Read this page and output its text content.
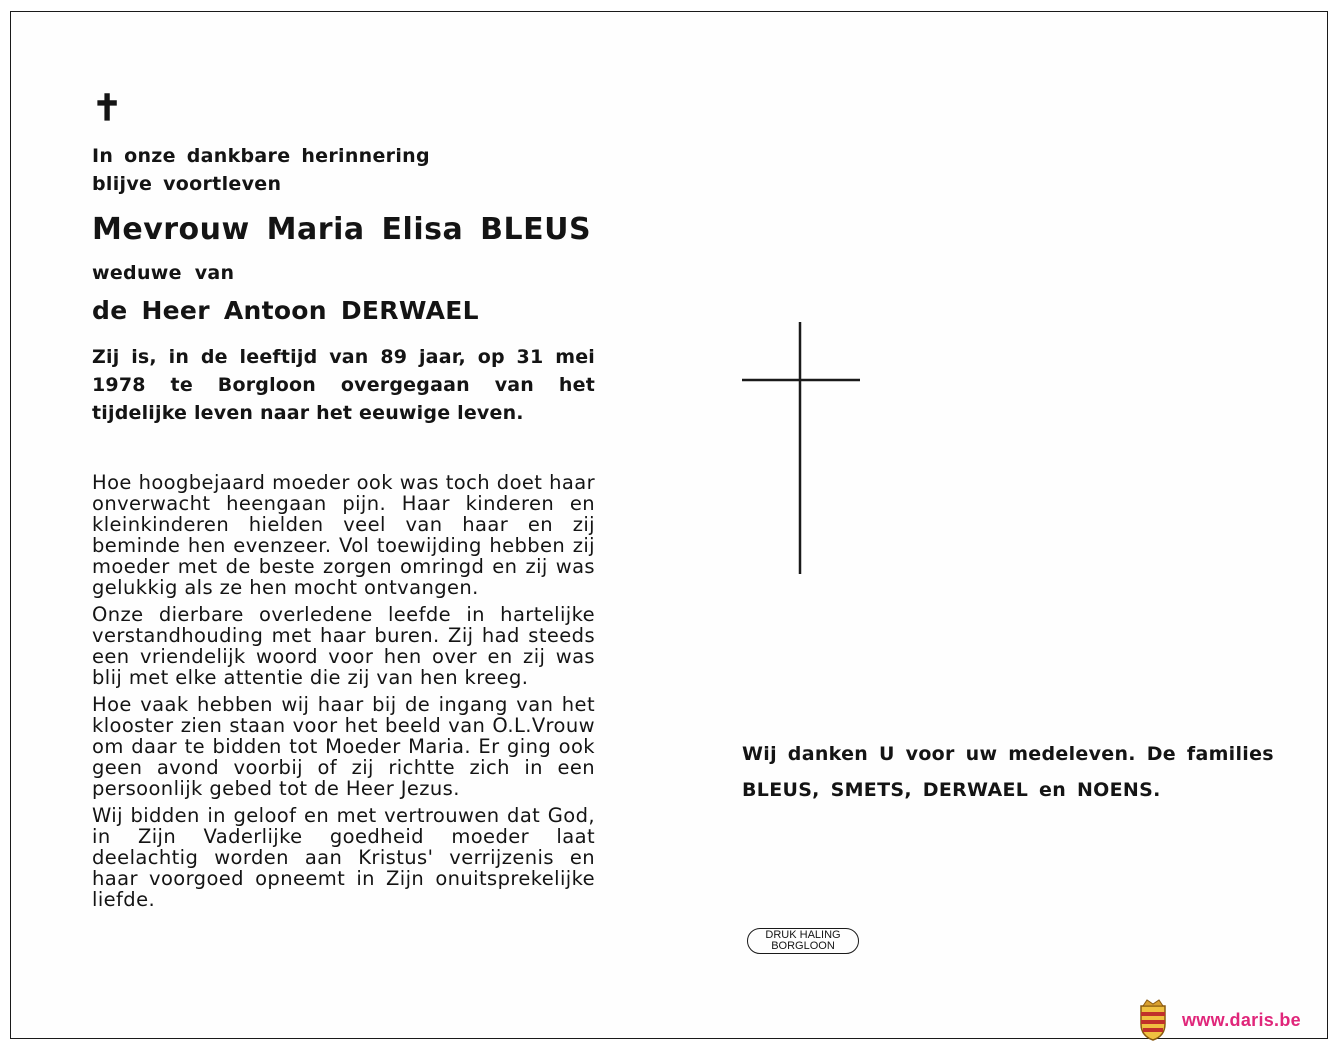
✝
In onze dankbare herinnering
blijve voortleven
Mevrouw Maria Elisa BLEUS
weduwe van
de Heer Antoon DERWAEL
Zij is, in de leeftijd van 89 jaar, op 31 mei 1978 te Borgloon overgegaan van het tijdelijke leven naar het eeuwige leven.

Hoe hoogbejaard moeder ook was toch doet haar onverwacht heengaan pijn. Haar kinderen en kleinkinderen hielden veel van haar en zij beminde hen evenzeer. Vol toewijding hebben zij moeder met de beste zorgen omringd en zij was gelukkig als ze hen mocht ontvangen.

Onze dierbare overledene leefde in hartelijke verstandhouding met haar buren. Zij had steeds een vriendelijk woord voor hen over en zij was blij met elke attentie die zij van hen kreeg.

Hoe vaak hebben wij haar bij de ingang van het klooster zien staan voor het beeld van O.L.Vrouw om daar te bidden tot Moeder Maria. Er ging ook geen avond voorbij of zij richtte zich in een persoonlijk gebed tot de Heer Jezus.

Wij bidden in geloof en met vertrouwen dat God, in Zijn Vaderlijke goedheid moeder laat deelachtig worden aan Kristus' verrijzenis en haar voorgoed opneemt in Zijn onuitsprekelijke liefde.

Wij danken U voor uw medeleven. De families
BLEUS, SMETS, DERWAEL en NOENS.
DRUK HALING
BORGLOON
www.daris.be
